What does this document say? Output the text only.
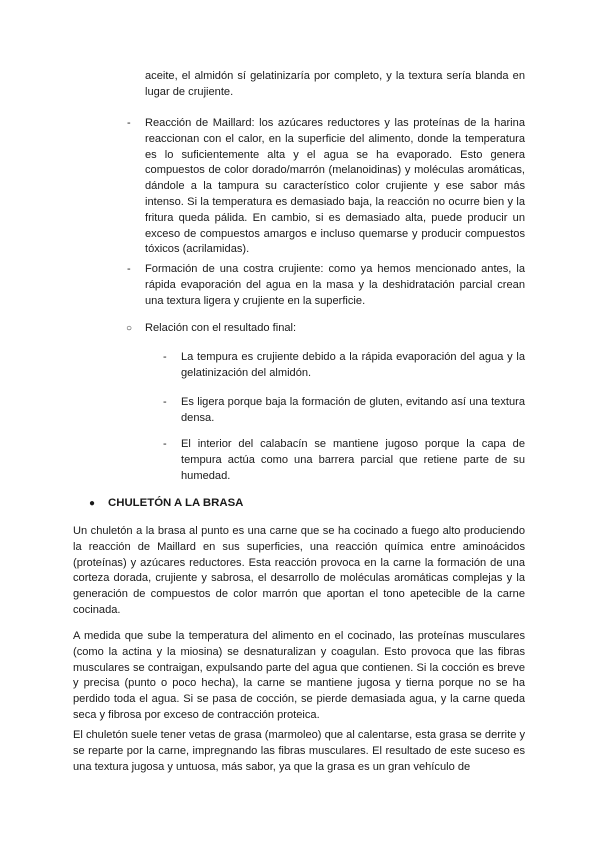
aceite, el almidón sí gelatinizaría por completo, y la textura sería blanda en lugar de crujiente.

- Reacción de Maillard: los azúcares reductores y las proteínas de la harina reaccionan con el calor, en la superficie del alimento, donde la temperatura es lo suficientemente alta y el agua se ha evaporado. Esto genera compuestos de color dorado/marrón (melanoidinas) y moléculas aromáticas, dándole a la tampura su característico color crujiente y ese sabor más intenso. Si la temperatura es demasiado baja, la reacción no ocurre bien y la fritura queda pálida. En cambio, si es demasiado alta, puede producir un exceso de compuestos amargos e incluso quemarse y producir compuestos tóxicos (acrilamidas).

- Formación de una costra crujiente: como ya hemos mencionado antes, la rápida evaporación del agua en la masa y la deshidratación parcial crean una textura ligera y crujiente en la superficie.

○ Relación con el resultado final:

- La tempura es crujiente debido a la rápida evaporación del agua y la gelatinización del almidón.

- Es ligera porque baja la formación de gluten, evitando así una textura densa.

- El interior del calabacín se mantiene jugoso porque la capa de tempura actúa como una barrera parcial que retiene parte de su humedad.

● CHULETÓN A LA BRASA

Un chuletón a la brasa al punto es una carne que se ha cocinado a fuego alto produciendo la reacción de Maillard en sus superficies, una reacción química entre aminoácidos (proteínas) y azúcares reductores. Esta reacción provoca en la carne la formación de una corteza dorada, crujiente y sabrosa, el desarrollo de moléculas aromáticas complejas y la generación de compuestos de color marrón que aportan el tono apetecible de la carne cocinada.

A medida que sube la temperatura del alimento en el cocinado, las proteínas musculares (como la actina y la miosina) se desnaturalizan y coagulan. Esto provoca que las fibras musculares se contraigan, expulsando parte del agua que contienen. Si la cocción es breve y precisa (punto o poco hecha), la carne se mantiene jugosa y tierna porque no se ha perdido toda el agua. Si se pasa de cocción, se pierde demasiada agua, y la carne queda seca y fibrosa por exceso de contracción proteica.

El chuletón suele tener vetas de grasa (marmoleo) que al calentarse, esta grasa se derrite y se reparte por la carne, impregnando las fibras musculares. El resultado de este suceso es una textura jugosa y untuosa, más sabor, ya que la grasa es un gran vehículo de
